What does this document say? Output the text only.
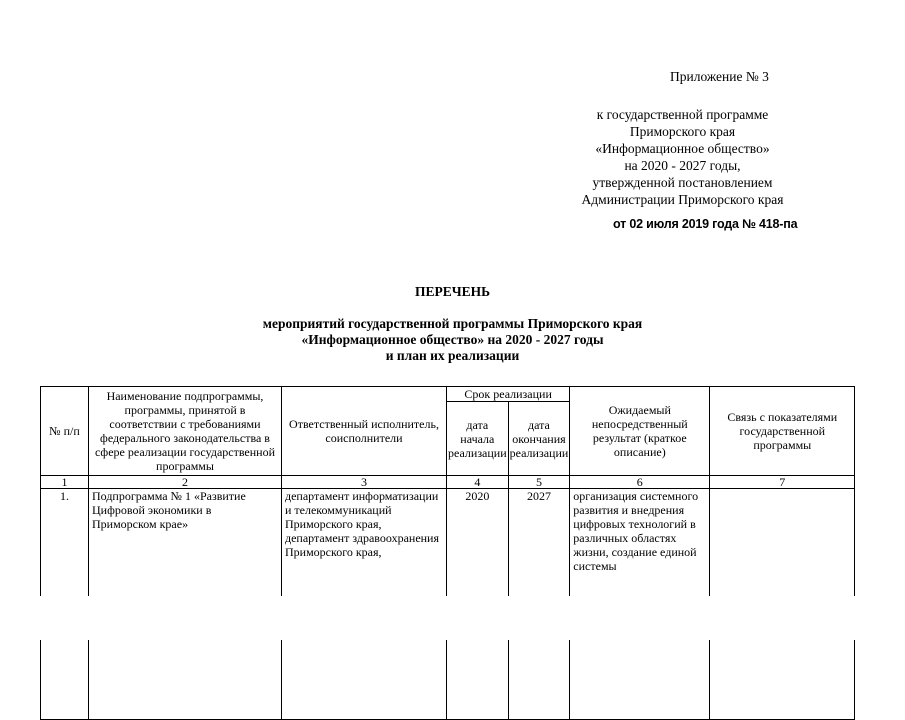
Приложение № 3
к государственной программе
Приморского края
«Информационное общество»
на 2020 - 2027 годы,
утвержденной постановлением
Администрации Приморского края
от 02 июля 2019 года № 418-па
ПЕРЕЧЕНЬ
мероприятий государственной программы Приморского края
«Информационное общество» на 2020 - 2027 годы
и план их реализации
№ п/п	Наименование подпрограммы, программы, принятой в соответствии с требованиями федерального законодательства в сфере реализации государственной программы	Ответственный исполнитель, соисполнители	Срок реализации		Ожидаемый непосредственный результат (краткое описание)	Связь с показателями государственной программы
			дата начала реализации	дата окончания реализации		
1	2	3	4	5	6	7
1.	Подпрограмма № 1 «Развитие Цифровой экономики в Приморском крае»	департамент информатизации и телекоммуникаций Приморского края, департамент здравоохранения Приморского края,	2020	2027	организация системного развития и внедрения цифровых технологий в различных областях жизни, создание единой системы	
